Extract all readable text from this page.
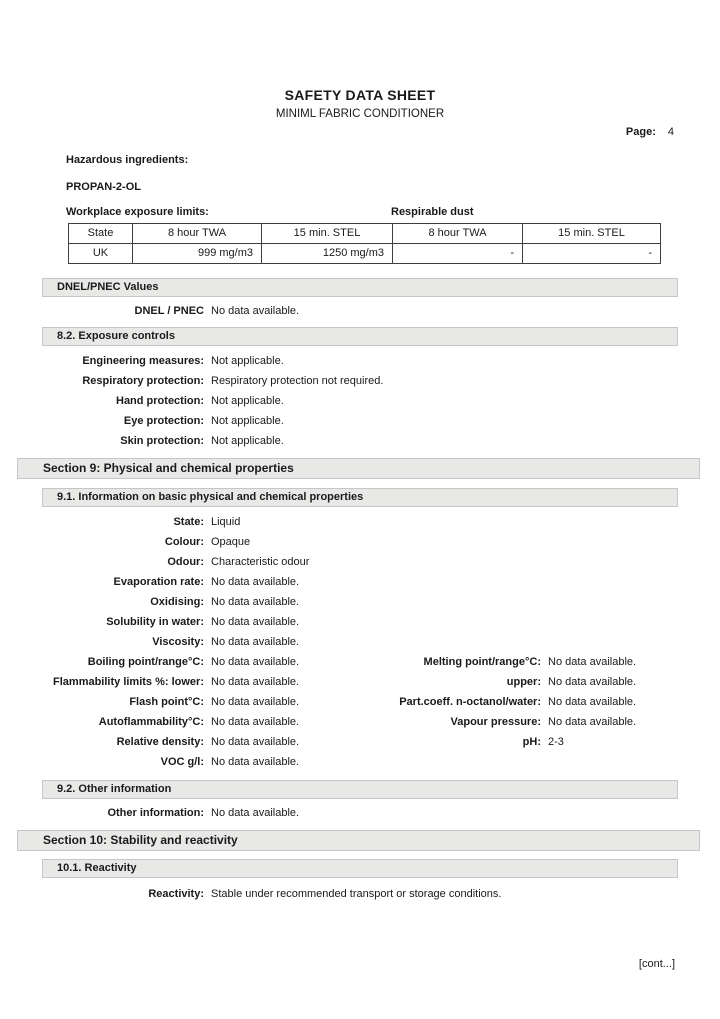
SAFETY DATA SHEET
MINIML FABRIC CONDITIONER
Page: 4
Hazardous ingredients:
PROPAN-2-OL
Workplace exposure limits:	Respirable dust
State	8 hour TWA	15 min. STEL	8 hour TWA	15 min. STEL
UK	999 mg/m3	1250 mg/m3	-	-
DNEL/PNEC Values
DNEL / PNEC No data available.
8.2. Exposure controls
Engineering measures: Not applicable.
Respiratory protection: Respiratory protection not required.
Hand protection: Not applicable.
Eye protection: Not applicable.
Skin protection: Not applicable.
Section 9: Physical and chemical properties
9.1. Information on basic physical and chemical properties
State: Liquid
Colour: Opaque
Odour: Characteristic odour
Evaporation rate: No data available.
Oxidising: No data available.
Solubility in water: No data available.
Viscosity: No data available.
Boiling point/range°C: No data available.	Melting point/range°C: No data available.
Flammability limits %: lower: No data available.	upper: No data available.
Flash point°C: No data available.	Part.coeff. n-octanol/water: No data available.
Autoflammability°C: No data available.	Vapour pressure: No data available.
Relative density: No data available.	pH: 2-3
VOC g/l: No data available.
9.2. Other information
Other information: No data available.
Section 10: Stability and reactivity
10.1. Reactivity
Reactivity: Stable under recommended transport or storage conditions.
[cont...]
